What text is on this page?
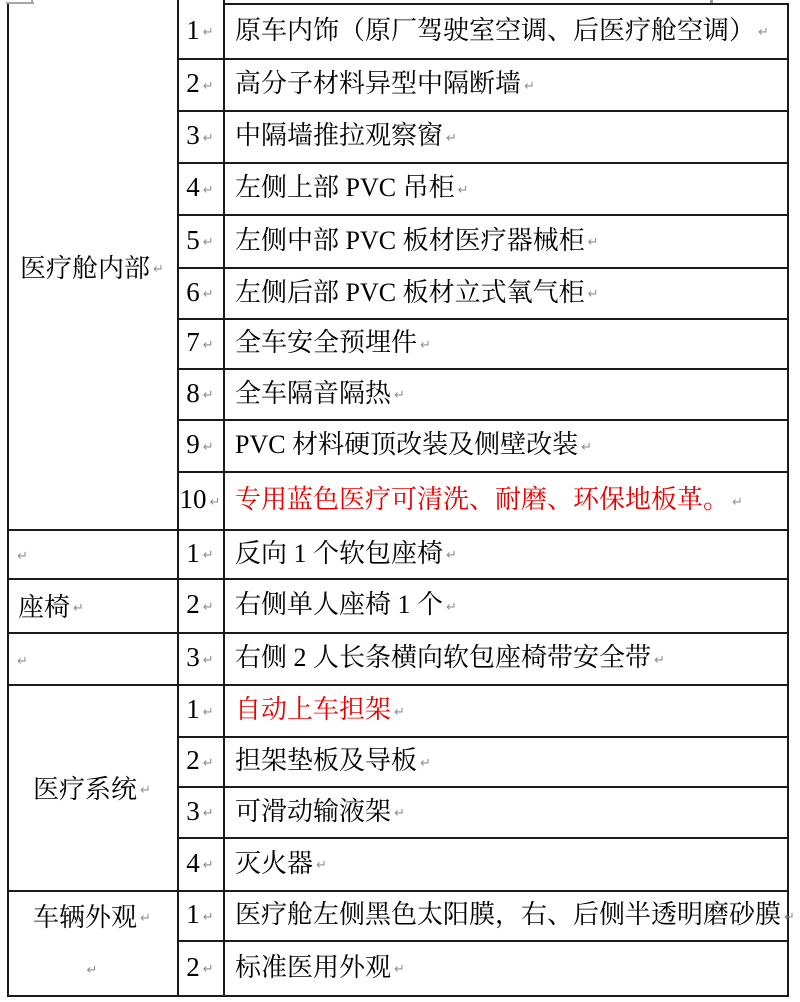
医疗舱内部 ↵
↵
座椅 ↵
↵
医疗系统 ↵
车辆外观 ↵
↵
1 ↵ 原车内饰（原厂驾驶室空调、后医疗舱空调） ↵
2 ↵ 高分子材料异型中隔断墙 ↵
3 ↵ 中隔墙推拉观察窗 ↵
4 ↵ 左侧上部 PVC 吊柜 ↵
5 ↵ 左侧中部 PVC 板材医疗器械柜 ↵
6 ↵ 左侧后部 PVC 板材立式氧气柜 ↵
7 ↵ 全车安全预埋件 ↵
8 ↵ 全车隔音隔热 ↵
9 ↵ PVC 材料硬顶改装及侧壁改装 ↵
10 ↵ 专用蓝色医疗可清洗、耐磨、环保地板革。 ↵
1 ↵ 反向 1 个软包座椅 ↵
2 ↵ 右侧单人座椅 1 个 ↵
3 ↵ 右侧 2 人长条横向软包座椅带安全带 ↵
1 ↵ 自动上车担架 ↵
2 ↵ 担架垫板及导板 ↵
3 ↵ 可滑动输液架 ↵
4 ↵ 灭火器 ↵
1 ↵ 医疗舱左侧黑色太阳膜，右、后侧半透明磨砂膜 ↵
2 ↵ 标准医用外观 ↵
